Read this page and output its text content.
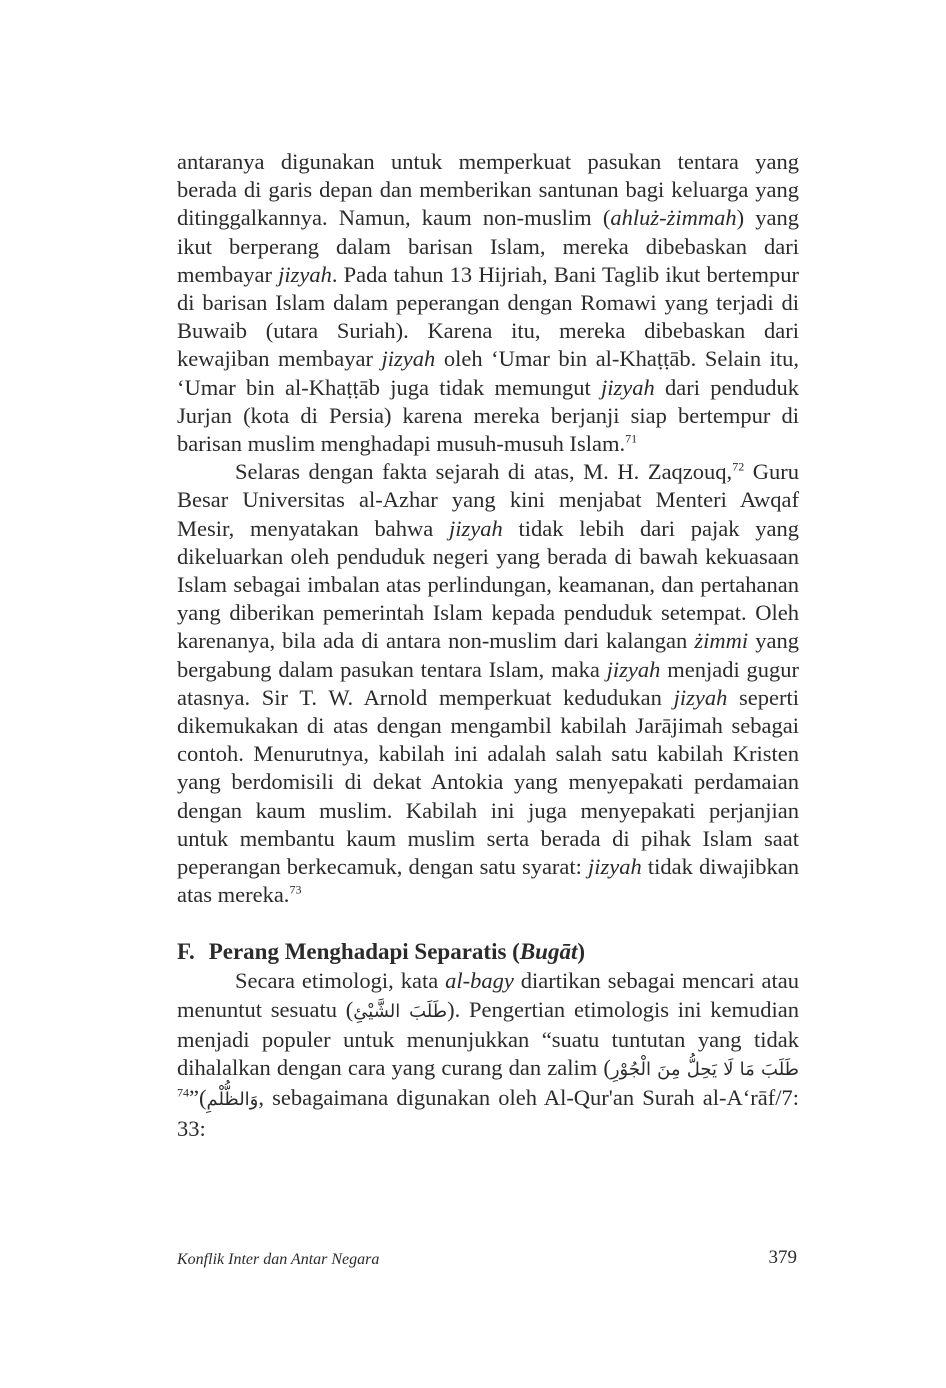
antaranya digunakan untuk memperkuat pasukan tentara yang berada di garis depan dan memberikan santunan bagi keluarga yang ditinggalkannya. Namun, kaum non-muslim (ahluż-żimmah) yang ikut berperang dalam barisan Islam, mereka dibebaskan dari membayar jizyah. Pada tahun 13 Hijriah, Bani Taglib ikut bertempur di barisan Islam dalam peperangan dengan Romawi yang terjadi di Buwaib (utara Suriah). Karena itu, mereka dibebaskan dari kewajiban membayar jizyah oleh ‘Umar bin al-Khaṭṭāb. Selain itu, ‘Umar bin al-Khaṭṭāb juga tidak memungut jizyah dari penduduk Jurjan (kota di Persia) karena mereka berjanji siap bertempur di barisan muslim menghadapi musuh-musuh Islam.$^{71}$

Selaras dengan fakta sejarah di atas, M. H. Zaqzouq,$^{72}$ Guru Besar Universitas al-Azhar yang kini menjabat Menteri Awqaf Mesir, menyatakan bahwa jizyah tidak lebih dari pajak yang dikeluarkan oleh penduduk negeri yang berada di bawah kekuasaan Islam sebagai imbalan atas perlindungan, keamanan, dan pertahanan yang diberikan pemerintah Islam kepada penduduk setempat. Oleh karenanya, bila ada di antara non-muslim dari kalangan żimmi yang bergabung dalam pasukan tentara Islam, maka jizyah menjadi gugur atasnya. Sir T. W. Arnold memperkuat kedudukan jizyah seperti dikemukakan di atas dengan mengambil kabilah Jarājimah sebagai contoh. Menurutnya, kabilah ini adalah salah satu kabilah Kristen yang berdomisili di dekat Antokia yang menyepakati perdamaian dengan kaum muslim. Kabilah ini juga menyepakati perjanjian untuk membantu kaum muslim serta berada di pihak Islam saat peperangan berkecamuk, dengan satu syarat: jizyah tidak diwajibkan atas mereka.$^{73}$

F. Perang Menghadapi Separatis (Bugāt)

Secara etimologi, kata al-bagy diartikan sebagai mencari atau menuntut sesuatu (طَلَبَ الشَّيْئِ). Pengertian etimologis ini kemudian menjadi populer untuk menunjukkan “suatu tuntutan yang tidak dihalalkan dengan cara yang curang dan zalim (طَلَبَ مَا لَا يَحِلُّ مِنَ الْجُوْرِ وَالظُّلْمِ)”$^{74}$	, sebagaimana digunakan oleh Al-Qur'an Surah al-A‘rāf/7: 33:

Konflik Inter dan Antar Negara	379
